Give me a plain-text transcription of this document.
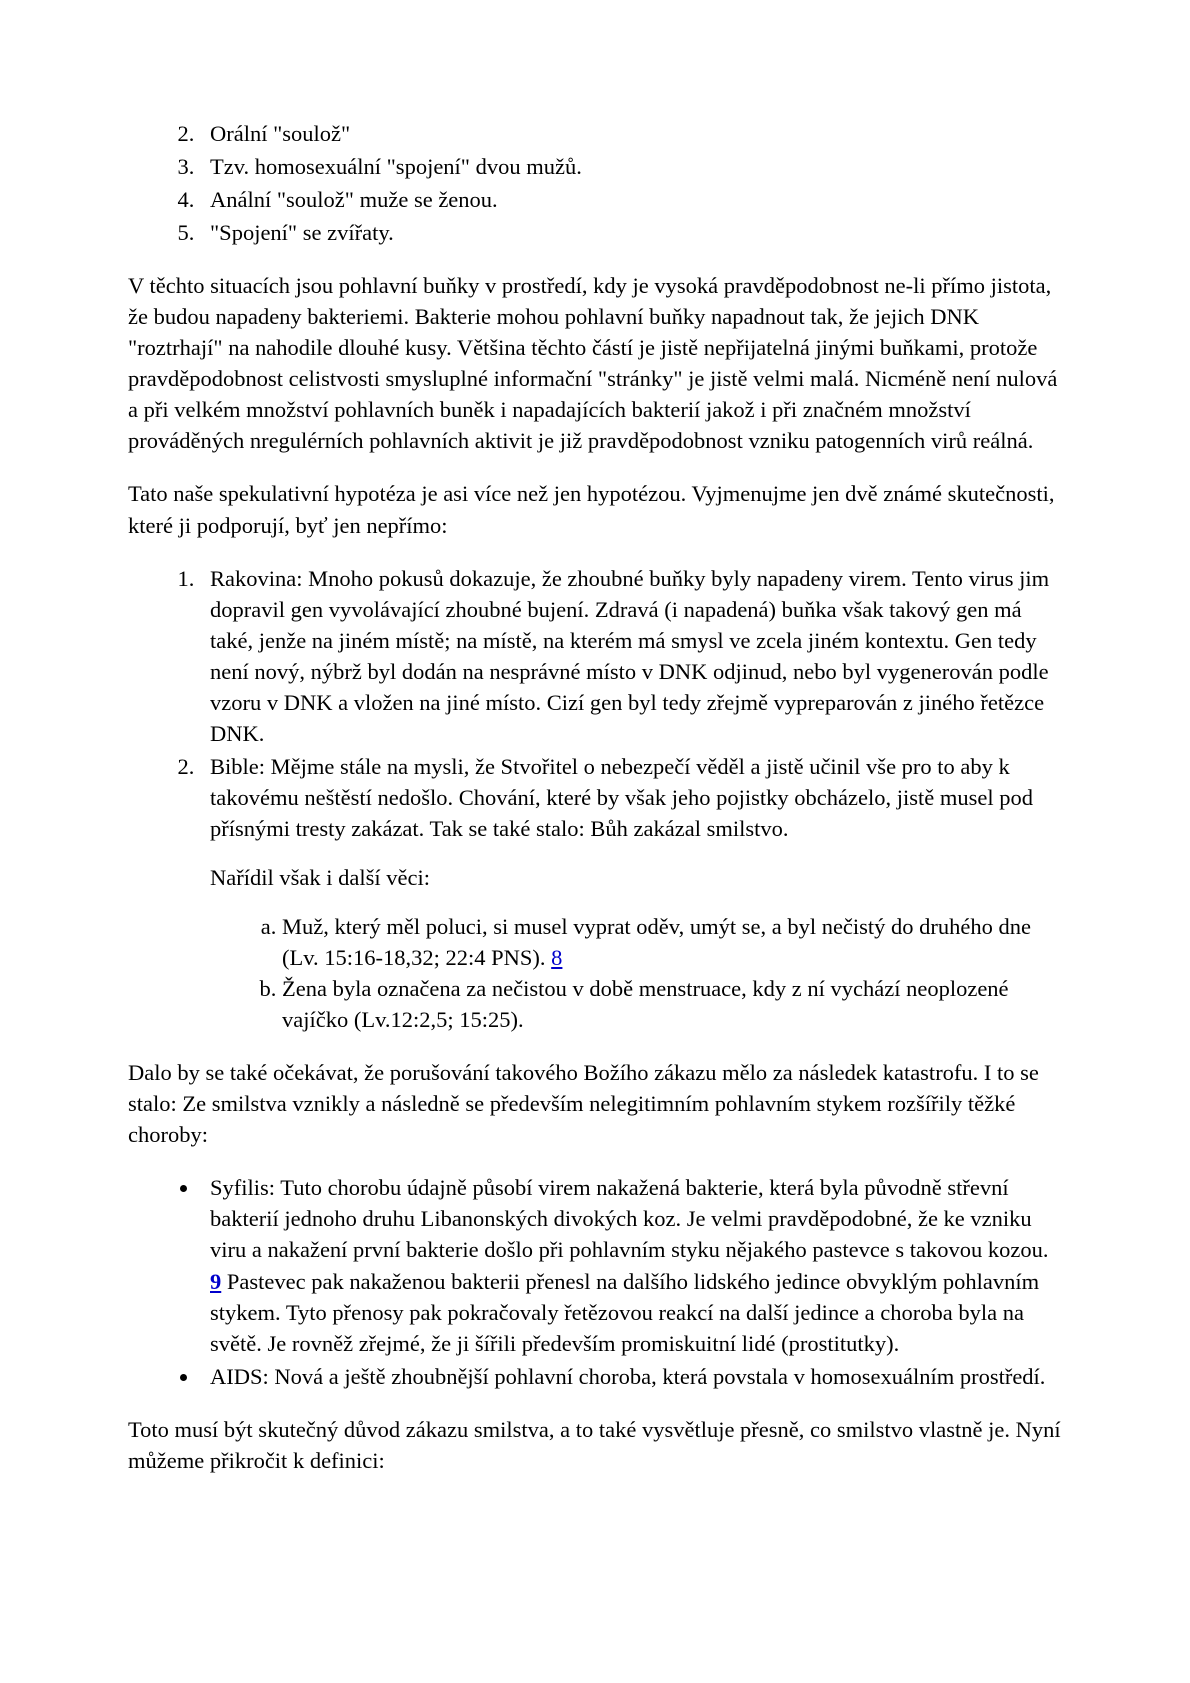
2. Orální "soulož"
3. Tzv. homosexuální "spojení" dvou mužů.
4. Anální "soulož" muže se ženou.
5. "Spojení" se zvířaty.

V těchto situacích jsou pohlavní buňky v prostředí, kdy je vysoká pravděpodobnost ne-li přímo jistota, že budou napadeny bakteriemi. Bakterie mohou pohlavní buňky napadnout tak, že jejich DNK "roztrhají" na nahodile dlouhé kusy. Většina těchto částí je jistě nepřijatelná jinými buňkami, protože pravděpodobnost celistvosti smysluplné informační "stránky" je jistě velmi malá. Nicméně není nulová a při velkém množství pohlavních buněk i napadajících bakterií jakož i při značném množství prováděných nregulérních pohlavních aktivit je již pravděpodobnost vzniku patogenních virů reálná.

Tato naše spekulativní hypotéza je asi více než jen hypotézou. Vyjmenujme jen dvě známé skutečnosti, které ji podporují, byť jen nepřímo:

1. Rakovina: Mnoho pokusů dokazuje, že zhoubné buňky byly napadeny virem. Tento virus jim dopravil gen vyvolávající zhoubné bujení. Zdravá (i napadená) buňka však takový gen má také, jenže na jiném místě; na místě, na kterém má smysl ve zcela jiném kontextu. Gen tedy není nový, nýbrž byl dodán na nesprávné místo v DNK odjinud, nebo byl vygenerován podle vzoru v DNK a vložen na jiné místo. Cizí gen byl tedy zřejmě vypreparován z jiného řetězce DNK.
2. Bible: Mějme stále na mysli, že Stvořitel o nebezpečí věděl a jistě učinil vše pro to aby k takovému neštěstí nedošlo. Chování, které by však jeho pojistky obcházelo, jistě musel pod přísnými tresty zakázat. Tak se také stalo: Bůh zakázal smilstvo.
Nařídil však i další věci:
a. Muž, který měl poluci, si musel vyprat oděv, umýt se, a byl nečistý do druhého dne (Lv. 15:16-18,32; 22:4 PNS). 8
b. Žena byla označena za nečistou v době menstruace, kdy z ní vychází neoplozené vajíčko (Lv.12:2,5; 15:25).

Dalo by se také očekávat, že porušování takového Božího zákazu mělo za následek katastrofu. I to se stalo: Ze smilstva vznikly a následně se především nelegitimním pohlavním stykem rozšířily těžké choroby:

• Syfilis: Tuto chorobu údajně působí virem nakažená bakterie, která byla původně střevní bakterií jednoho druhu Libanonských divokých koz. Je velmi pravděpodobné, že ke vzniku viru a nakažení první bakterie došlo při pohlavním styku nějakého pastevce s takovou kozou. 9 Pastevec pak nakaženou bakterii přenesl na dalšího lidského jedince obvyklým pohlavním stykem. Tyto přenosy pak pokračovaly řetězovou reakcí na další jedince a choroba byla na světě. Je rovněž zřejmé, že ji šířili především promiskuitní lidé (prostitutky).
• AIDS: Nová a ještě zhoubnější pohlavní choroba, která povstala v homosexuálním prostředí.

Toto musí být skutečný důvod zákazu smilstva, a to také vysvětluje přesně, co smilstvo vlastně je. Nyní můžeme přikročit k definici:
